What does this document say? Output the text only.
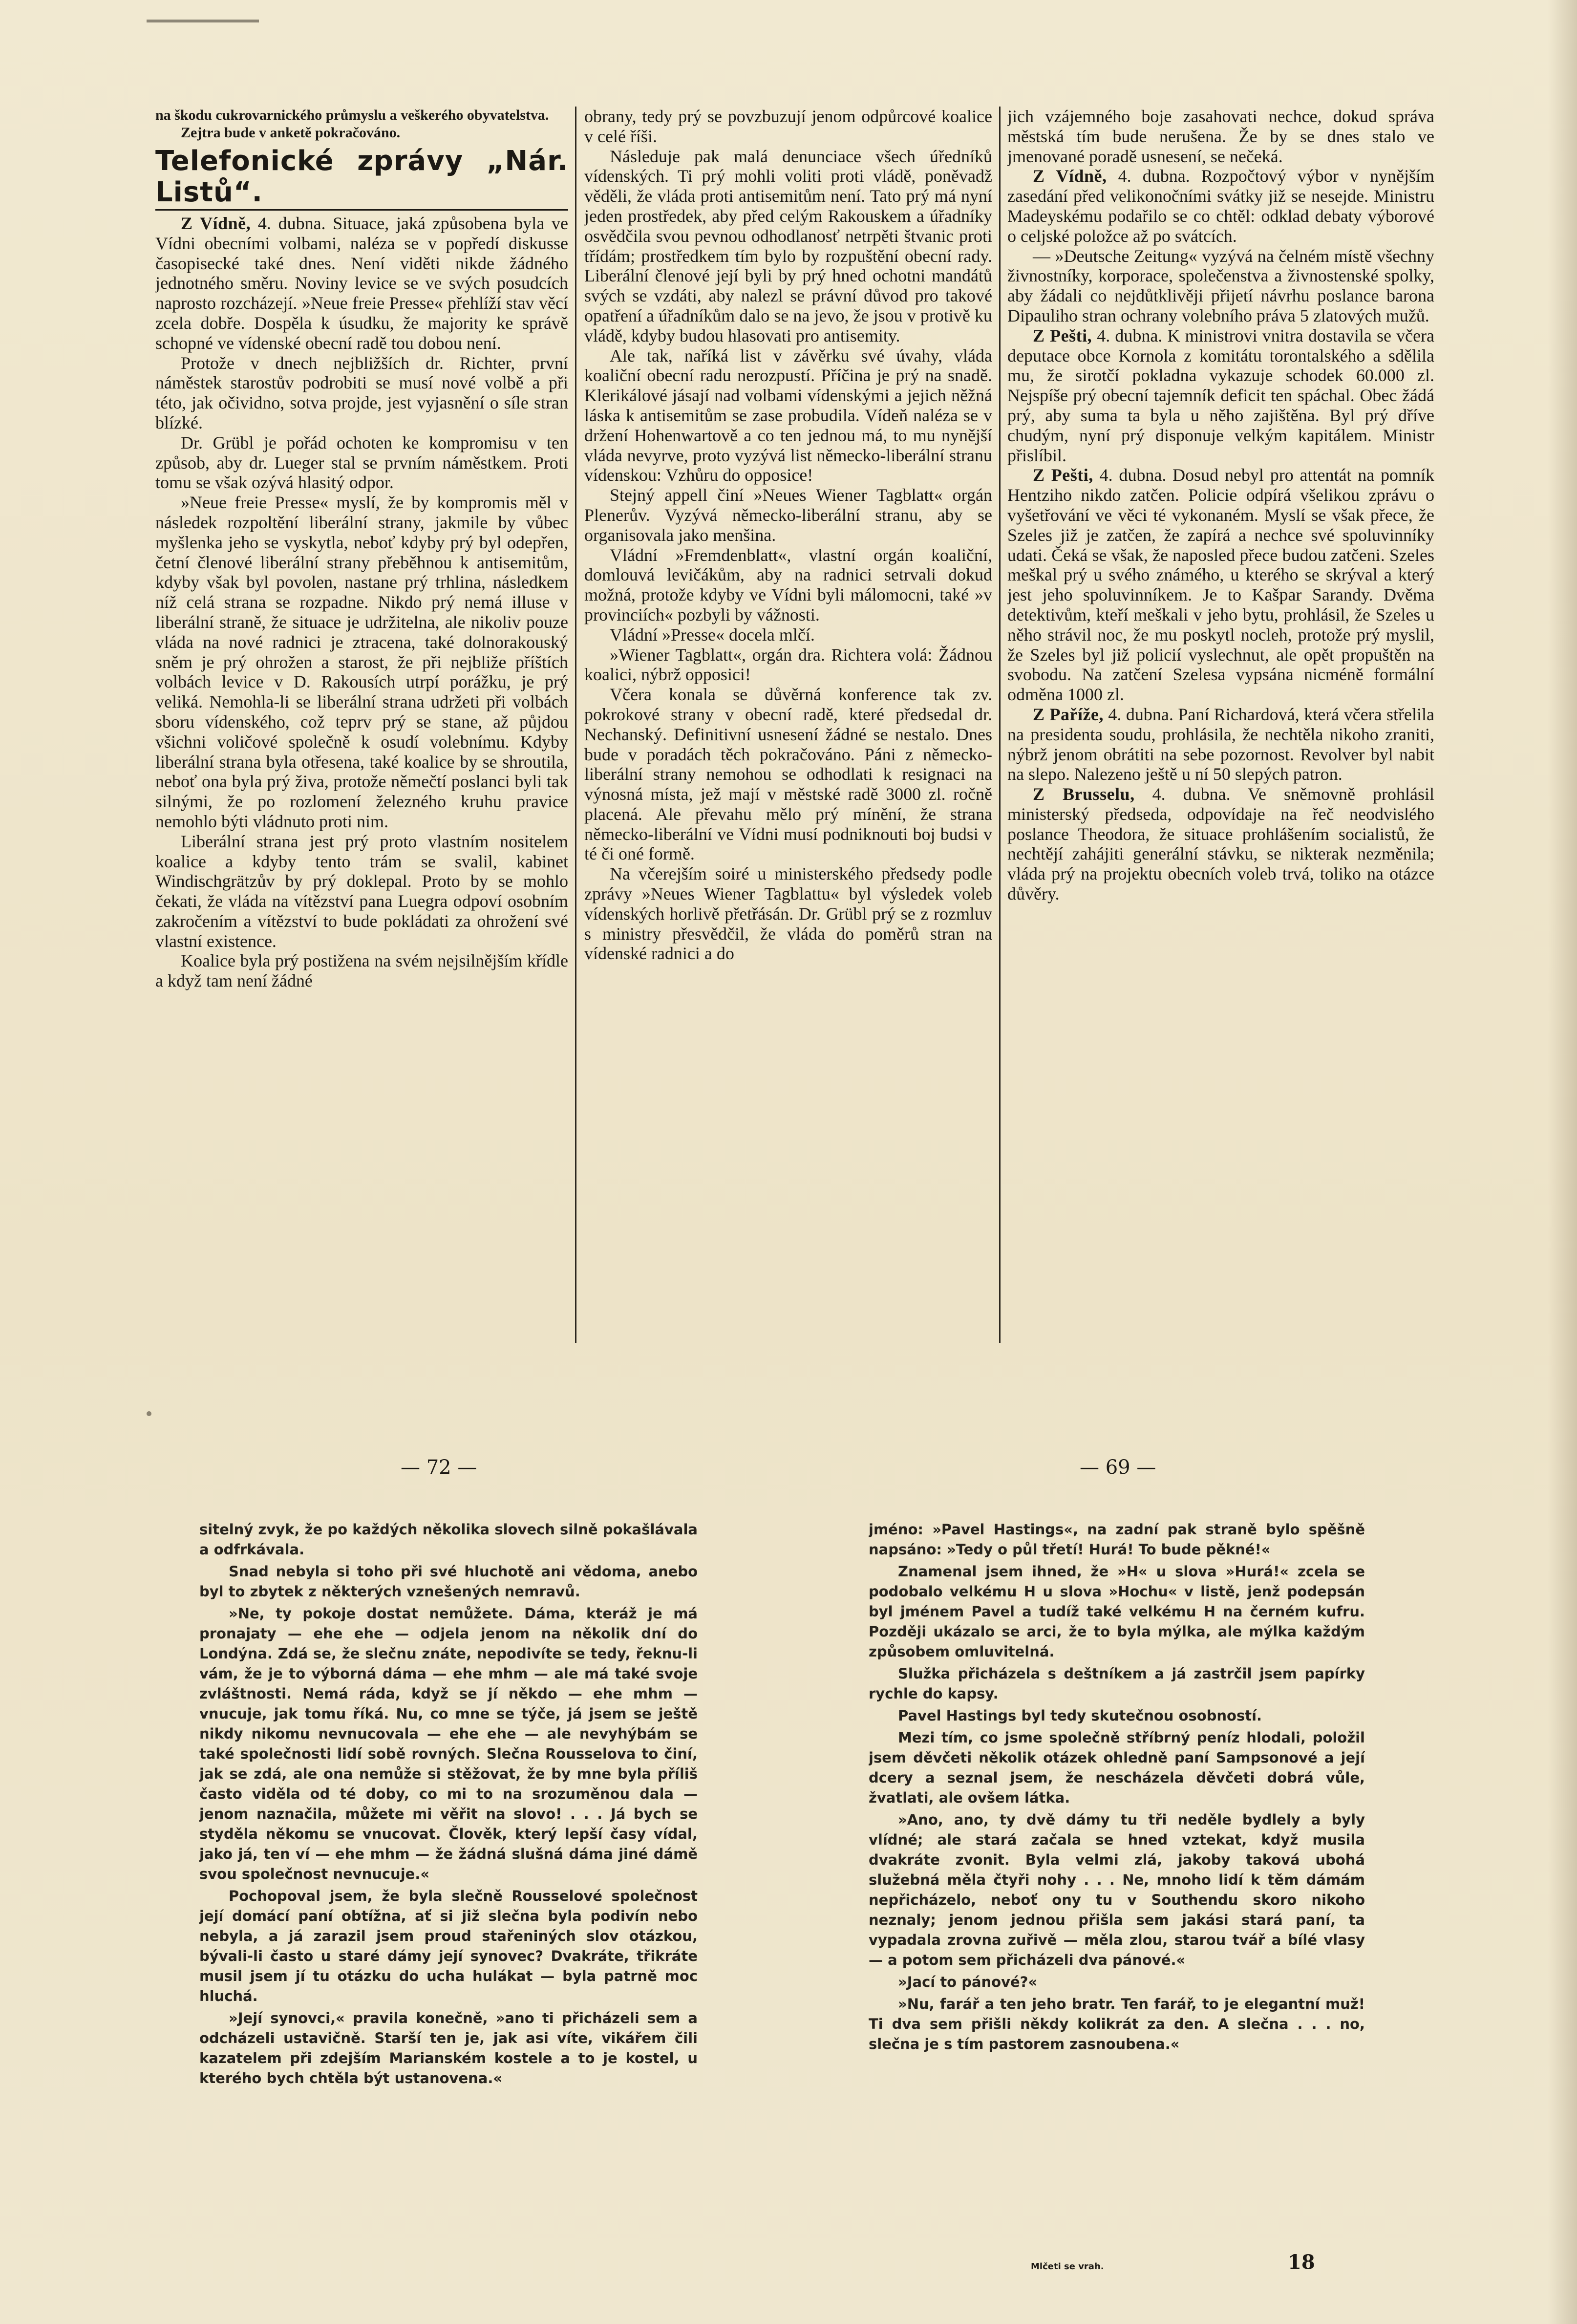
na škodu cukrovarnického průmyslu a veškerého obyvatelstva.

Zejtra bude v anketě pokračováno.

Telefonické zprávy „Nár. Listů“.

Z Vídně, 4. dubna. Situace, jaká způsobena byla ve Vídni obecními volbami, naléza se v popředí diskusse časopisecké také dnes. Není viděti nikde žádného jednotného směru. Noviny levice se ve svých posudcích naprosto rozcházejí. »Neue freie Presse« přehlíží stav věcí zcela dobře. Dospěla k úsudku, že majority ke správě schopné ve vídenské obecní radě tou dobou není.

Protože v dnech nejbližších dr. Richter, první náměstek starostův podrobiti se musí nové volbě a při této, jak očividno, sotva projde, jest vyjasnění o síle stran blízké.

Dr. Grübl je pořád ochoten ke kompromisu v ten způsob, aby dr. Lueger stal se prvním náměstkem. Proti tomu se však ozývá hlasitý odpor.

»Neue freie Presse« myslí, že by kompromis měl v následek rozpoltění liberální strany, jakmile by vůbec myšlenka jeho se vyskytla, neboť kdyby prý byl odepřen, četní členové liberální strany přeběhnou k antisemitům, kdyby však byl povolen, nastane prý trhlina, následkem níž celá strana se rozpadne. Nikdo prý nemá illuse v liberální straně, že situace je udržitelna, ale nikoliv pouze vláda na nové radnici je ztracena, také dolnorakouský sněm je prý ohrožen a starost, že při nejbliže příštích volbách levice v D. Rakousích utrpí porážku, je prý veliká. Nemohla-li se liberální strana udržeti při volbách sboru vídenského, což teprv prý se stane, až půjdou všichni voličové společně k osudí volebnímu. Kdyby liberální strana byla otřesena, také koalice by se shroutila, neboť ona byla prý živa, protože němečtí poslanci byli tak silnými, že po rozlomení železného kruhu pravice nemohlo býti vládnuto proti nim.

Liberální strana jest prý proto vlastním nositelem koalice a kdyby tento trám se svalil, kabinet Windischgrätzův by prý doklepal. Proto by se mohlo čekati, že vláda na vítězství pana Luegra odpoví osobním zakročením a vítězství to bude pokládati za ohrožení své vlastní existence.

Koalice byla prý postižena na svém nejsilnějším křídle a když tam není žádné

obrany, tedy prý se povzbuzují jenom odpůrcové koalice v celé říši.

Následuje pak malá denunciace všech úředníků vídenských. Ti prý mohli voliti proti vládě, poněvadž věděli, že vláda proti antisemitům není. Tato prý má nyní jeden prostředek, aby před celým Rakouskem a úřadníky osvědčila svou pevnou odhodlanosť netrpěti štvanic proti třídám; prostředkem tím bylo by rozpuštění obecní rady. Liberální členové její byli by prý hned ochotni mandátů svých se vzdáti, aby nalezl se právní důvod pro takové opatření a úřadníkům dalo se na jevo, že jsou v protivě ku vládě, kdyby budou hlasovati pro antisemity.

Ale tak, naříká list v závěrku své úvahy, vláda koaliční obecní radu nerozpustí. Příčina je prý na snadě. Klerikálové jásají nad volbami vídenskými a jejich něžná láska k antisemitům se zase probudila. Vídeň naléza se v držení Hohenwartově a co ten jednou má, to mu nynější vláda nevyrve, proto vyzývá list německo-liberální stranu vídenskou: Vzhůru do opposice!

Stejný appell činí »Neues Wiener Tagblatt« orgán Plenerův. Vyzývá německo-liberální stranu, aby se organisovala jako menšina.

Vládní »Fremdenblatt«, vlastní orgán koaliční, domlouvá levičákům, aby na radnici setrvali dokud možná, protože kdyby ve Vídni byli málomocni, také »v provinciích« pozbyli by vážnosti.

Vládní »Presse« docela mlčí.

»Wiener Tagblatt«, orgán dra. Richtera volá: Žádnou koalici, nýbrž opposici!

Včera konala se důvěrná konference tak zv. pokrokové strany v obecní radě, které předsedal dr. Nechanský. Definitivní usnesení žádné se nestalo. Dnes bude v poradách těch pokračováno. Páni z německo-liberální strany nemohou se odhodlati k resignaci na výnosná místa, jež mají v městské radě 3000 zl. ročně placená. Ale převahu mělo prý mínění, že strana německo-liberální ve Vídni musí podniknouti boj budsi v té či oné formě.

Na včerejším soiré u ministerského předsedy podle zprávy »Neues Wiener Tagblattu« byl výsledek voleb vídenských horlivě přetřásán. Dr. Grübl prý se z rozmluv s ministry přesvědčil, že vláda do poměrů stran na vídenské radnici a do

jich vzájemného boje zasahovati nechce, dokud správa městská tím bude nerušena. Že by se dnes stalo ve jmenované poradě usnesení, se nečeká.

Z Vídně, 4. dubna. Rozpočtový výbor v nynějším zasedání před velikonočními svátky již se nesejde. Ministru Madeyskému podařilo se co chtěl: odklad debaty výborové o celjské položce až po svátcích.

— »Deutsche Zeitung« vyzývá na čelném místě všechny živnostníky, korporace, společenstva a živnostenské spolky, aby žádali co nejdůtklivěji přijetí návrhu poslance barona Dipauliho stran ochrany volebního práva 5 zlatových mužů.

Z Pešti, 4. dubna. K ministrovi vnitra dostavila se včera deputace obce Kornola z komitátu torontalského a sdělila mu, že sirotčí pokladna vykazuje schodek 60.000 zl. Nejspíše prý obecní tajemník deficit ten spáchal. Obec žádá prý, aby suma ta byla u něho zajištěna. Byl prý dříve chudým, nyní prý disponuje velkým kapitálem. Ministr přislíbil.

Z Pešti, 4. dubna. Dosud nebyl pro attentát na pomník Hentziho nikdo zatčen. Policie odpírá všelikou zprávu o vyšetřování ve věci té vykonaném. Myslí se však přece, že Szeles již je zatčen, že zapírá a nechce své spoluvinníky udati. Čeká se však, že naposled přece budou zatčeni. Szeles meškal prý u svého známého, u kterého se skrýval a který jest jeho spoluvinníkem. Je to Kašpar Sarandy. Dvěma detektivům, kteří meškali v jeho bytu, prohlásil, že Szeles u něho strávil noc, že mu poskytl nocleh, protože prý myslil, že Szeles byl již policií vyslechnut, ale opět propuštěn na svobodu. Na zatčení Szelesa vypsána nicméně formální odměna 1000 zl.

Z Paříže, 4. dubna. Paní Richardová, která včera střelila na presidenta soudu, prohlásila, že nechtěla nikoho zraniti, nýbrž jenom obrátiti na sebe pozornost. Revolver byl nabit na slepo. Nalezeno ještě u ní 50 slepých patron.

Z Brusselu, 4. dubna. Ve sněmovně prohlásil ministerský předseda, odpovídaje na řeč neodvislého poslance Theodora, že situace prohlášením socialistů, že nechtějí zahájiti generální stávku, se nikterak nezměnila; vláda prý na projektu obecních voleb trvá, toliko na otázce důvěry.

— 72 —	— 69 —

sitelný zvyk, že po každých několika slovech silně pokašlávala a odfrkávala.

Snad nebyla si toho při své hluchotě ani vědoma, anebo byl to zbytek z některých vznešených nemravů.

»Ne, ty pokoje dostat nemůžete. Dáma, kteráž je má pronajaty — ehe ehe — odjela jenom na několik dní do Londýna. Zdá se, že slečnu znáte, nepodivíte se tedy, řeknu-li vám, že je to výborná dáma — ehe mhm — ale má také svoje zvláštnosti. Nemá ráda, když se jí někdo — ehe mhm — vnucuje, jak tomu říká. Nu, co mne se týče, já jsem se ještě nikdy nikomu nevnucovala — ehe ehe — ale nevyhýbám se také společnosti lidí sobě rovných. Slečna Rousselova to činí, jak se zdá, ale ona nemůže si stěžovat, že by mne byla příliš často viděla od té doby, co mi to na srozuměnou dala — jenom naznačila, můžete mi věřit na slovo! . . . Já bych se styděla někomu se vnucovat. Člověk, který lepší časy vídal, jako já, ten ví — ehe mhm — že žádná slušná dáma jiné dámě svou společnost nevnucuje.«

Pochopoval jsem, že byla slečně Rousselové společnost její domácí paní obtížna, ať si již slečna byla podivín nebo nebyla, a já zarazil jsem proud stařeniných slov otázkou, bývali-li často u staré dámy její synovec? Dvakráte, třikráte musil jsem jí tu otázku do ucha hulákat — byla patrně moc hluchá.

»Její synovci,« pravila konečně, »ano ti přicházeli sem a odcházeli ustavičně. Starší ten je, jak asi víte, vikářem čili kazatelem při zdejším Marianském kostele a to je kostel, u kterého bych chtěla být ustanovena.«

jméno: »Pavel Hastings«, na zadní pak straně bylo spěšně napsáno: »Tedy o půl třetí! Hurá! To bude pěkné!«

Znamenal jsem ihned, že »H« u slova »Hurá!« zcela se podobalo velkému H u slova »Hochu« v listě, jenž podepsán byl jménem Pavel a tudíž také velkému H na černém kufru. Později ukázalo se arci, že to byla mýlka, ale mýlka každým způsobem omluvitelná.

Služka přicházela s deštníkem a já zastrčil jsem papírky rychle do kapsy.

Pavel Hastings byl tedy skutečnou osobností.

Mezi tím, co jsme společně stříbrný peníz hlodali, položil jsem děvčeti několik otázek ohledně paní Sampsonové a její dcery a seznal jsem, že nescházela děvčeti dobrá vůle, žvatlati, ale ovšem látka.

»Ano, ano, ty dvě dámy tu tři neděle bydlely a byly vlídné; ale stará začala se hned vztekat, když musila dvakráte zvonit. Byla velmi zlá, jakoby taková ubohá služebná měla čtyři nohy . . . Ne, mnoho lidí k těm dámám nepřicházelo, neboť ony tu v Southendu skoro nikoho neznaly; jenom jednou přišla sem jakási stará paní, ta vypadala zrovna zuřivě — měla zlou, starou tvář a bílé vlasy — a potom sem přicházeli dva pánové.«

»Jací to pánové?«

»Nu, farář a ten jeho bratr. Ten farář, to je elegantní muž! Ti dva sem přišli někdy kolikrát za den. A slečna . . . no, slečna je s tím pastorem zasnoubena.«

Mlčeti se vrah.	18
